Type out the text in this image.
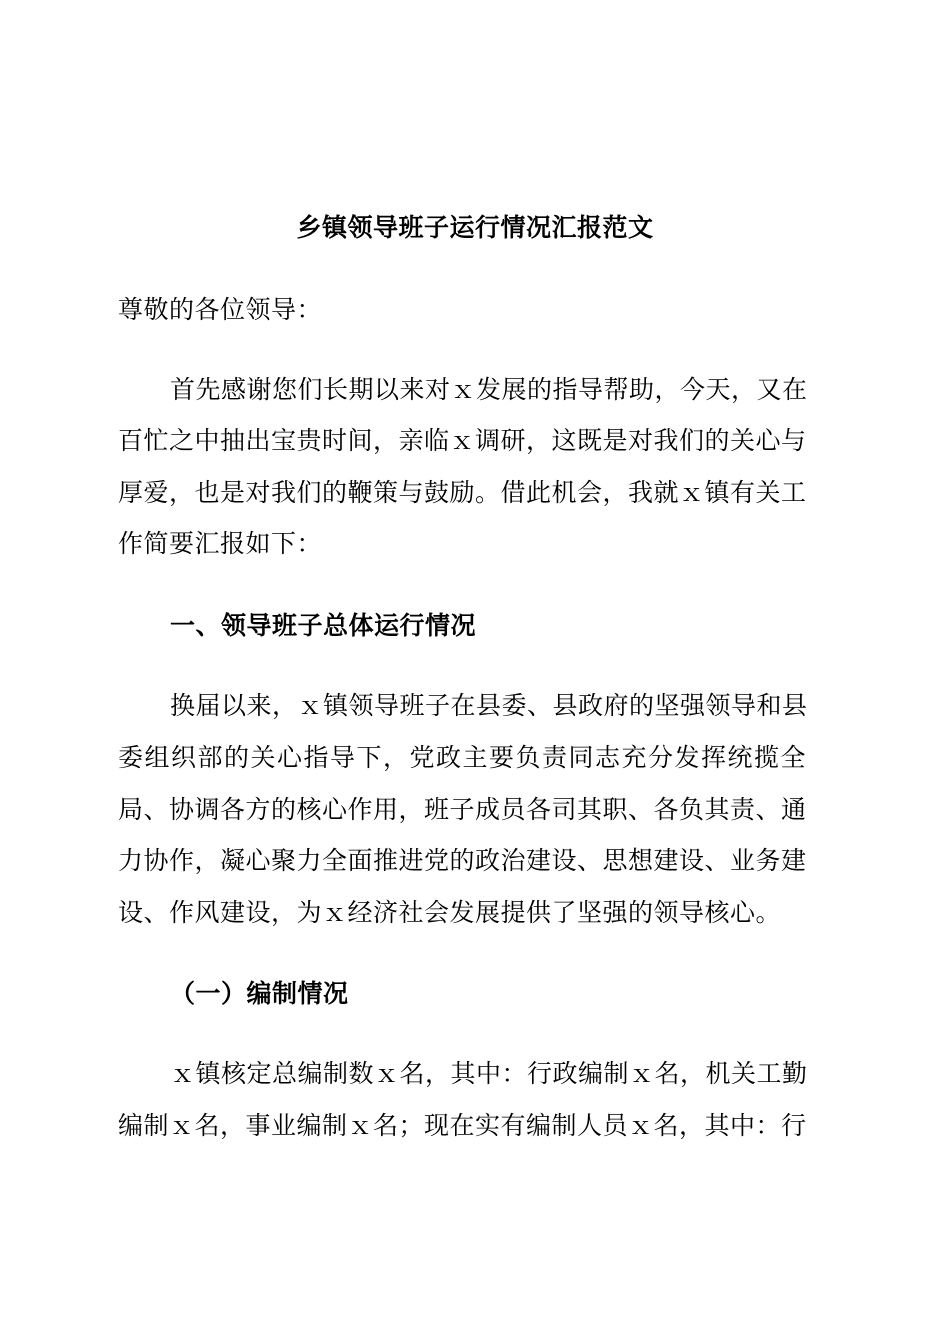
乡镇领导班子运行情况汇报范文
尊敬的各位领导：
首先感谢您们长期以来对ｘ发展的指导帮助，今天，又在
百忙之中抽出宝贵时间，亲临ｘ调研，这既是对我们的关心与
厚爱，也是对我们的鞭策与鼓励。借此机会，我就ｘ镇有关工
作简要汇报如下：
一、领导班子总体运行情况
换届以来，ｘ镇领导班子在县委、县政府的坚强领导和县
委组织部的关心指导下，党政主要负责同志充分发挥统揽全
局、协调各方的核心作用，班子成员各司其职、各负其责、通
力协作，凝心聚力全面推进党的政治建设、思想建设、业务建
设、作风建设，为ｘ经济社会发展提供了坚强的领导核心。
（一）编制情况
ｘ镇核定总编制数ｘ名，其中：行政编制ｘ名，机关工勤
编制ｘ名，事业编制ｘ名；现在实有编制人员ｘ名，其中：行
